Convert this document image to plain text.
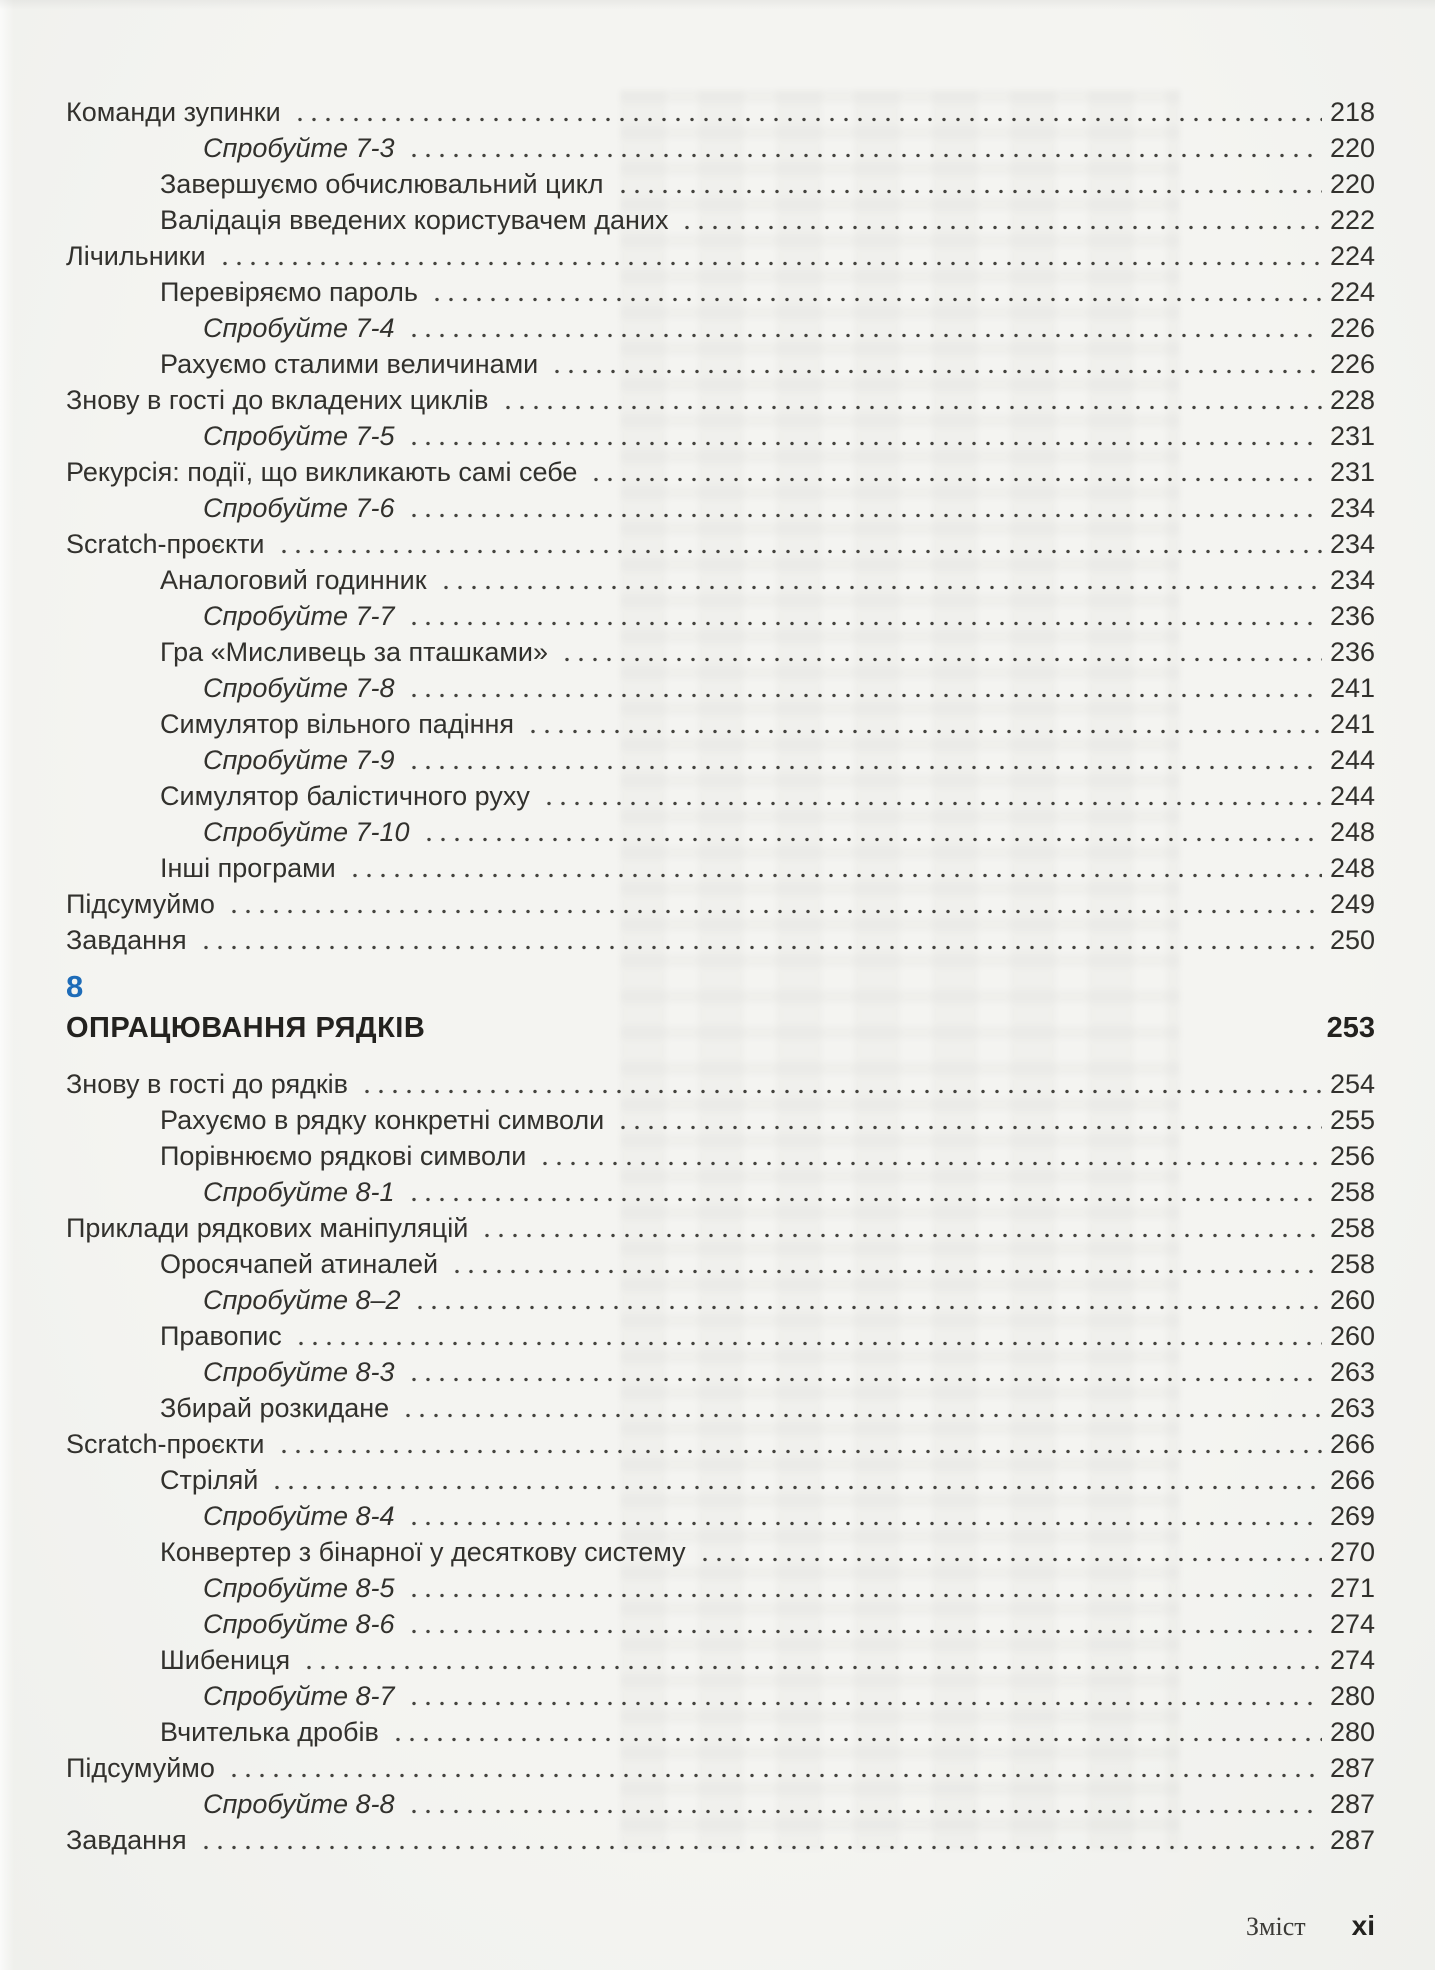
Команди зупинки	218
Спробуйте 7-3	220
Завершуємо обчислювальний цикл	220
Валідація введених користувачем даних	222
Лічильники	224
Перевіряємо пароль	224
Спробуйте 7-4	226
Рахуємо сталими величинами	226
Знову в гості до вкладених циклів	228
Спробуйте 7-5	231
Рекурсія: події, що викликають самі себе	231
Спробуйте 7-6	234
Scratch-проєкти	234
Аналоговий годинник	234
Спробуйте 7-7	236
Гра «Мисливець за пташками»	236
Спробуйте 7-8	241
Симулятор вільного падіння	241
Спробуйте 7-9	244
Симулятор балістичного руху	244
Спробуйте 7-10	248
Інші програми	248
Підсумуймо	249
Завдання	250
8
ОПРАЦЮВАННЯ РЯДКІВ	253
Знову в гості до рядків	254
Рахуємо в рядку конкретні символи	255
Порівнюємо рядкові символи	256
Спробуйте 8-1	258
Приклади рядкових маніпуляцій	258
Оросячапей атиналей	258
Спробуйте 8–2	260
Правопис	260
Спробуйте 8-3	263
Збирай розкидане	263
Scratch-проєкти	266
Стріляй	266
Спробуйте 8-4	269
Конвертер з бінарної у десяткову систему	270
Спробуйте 8-5	271
Спробуйте 8-6	274
Шибениця	274
Спробуйте 8-7	280
Вчителька дробів	280
Підсумуймо	287
Спробуйте 8-8	287
Завдання	287
Зміст xi
